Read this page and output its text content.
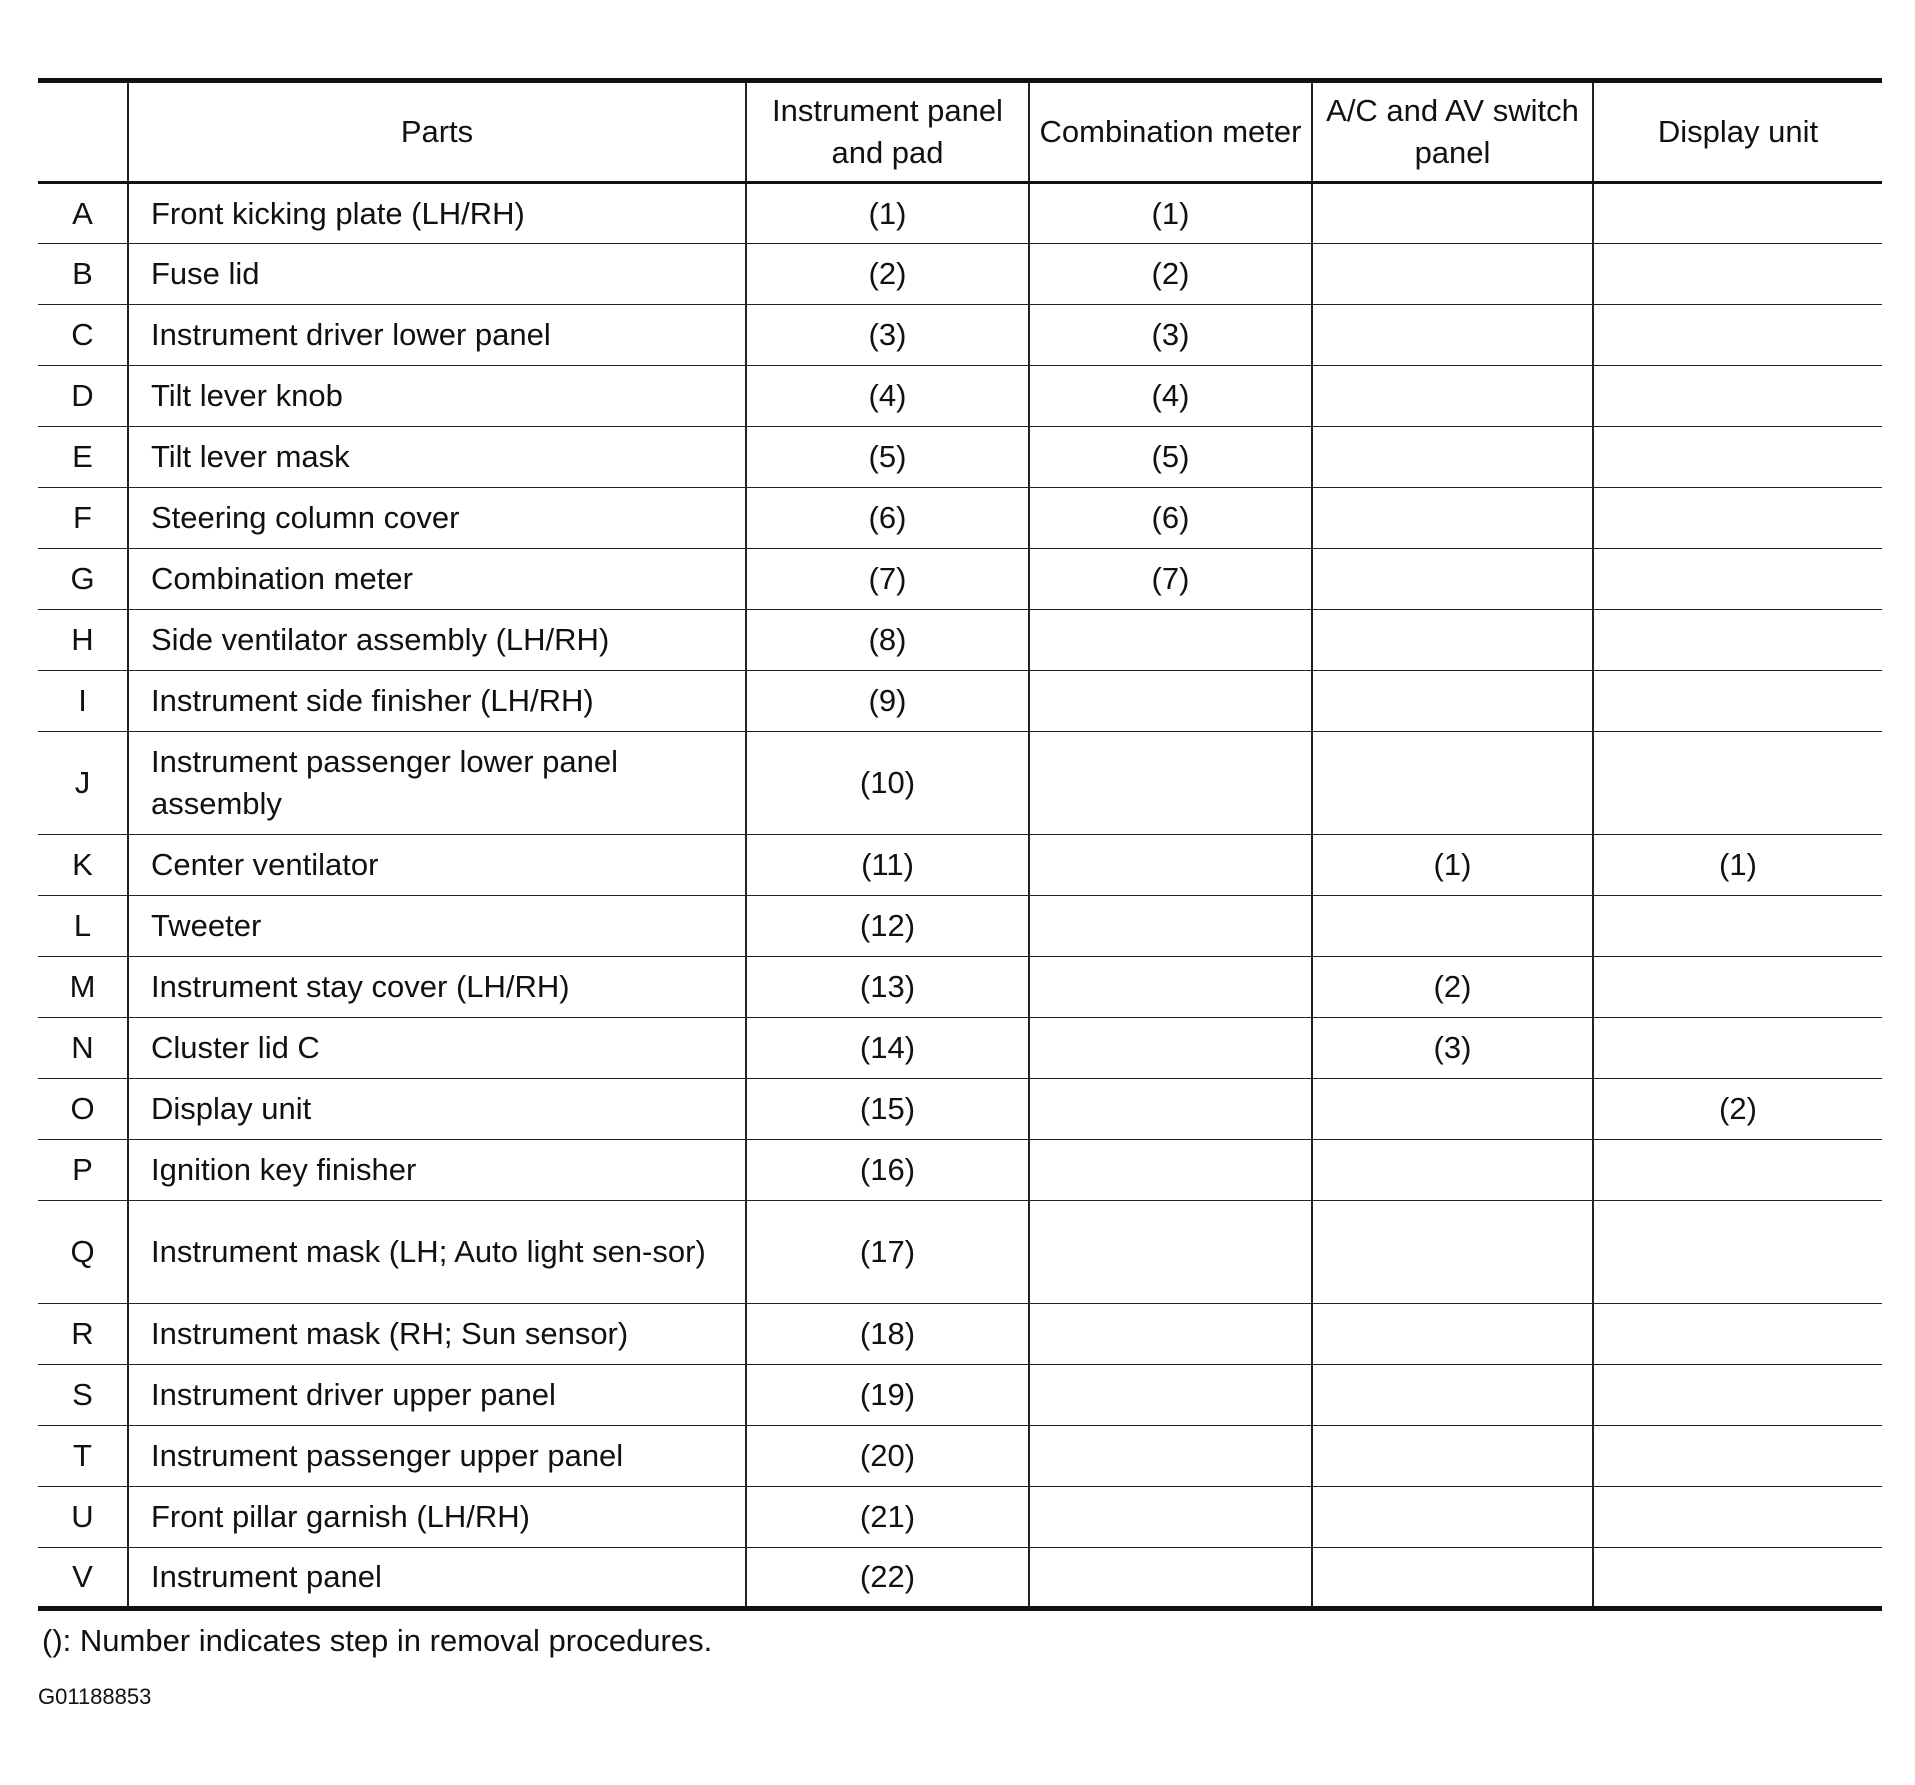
	Parts	Instrument panel and pad	Combination meter	A/C and AV switch panel	Display unit
A	Front kicking plate (LH/RH)	(1)	(1)		
B	Fuse lid	(2)	(2)		
C	Instrument driver lower panel	(3)	(3)		
D	Tilt lever knob	(4)	(4)		
E	Tilt lever mask	(5)	(5)		
F	Steering column cover	(6)	(6)		
G	Combination meter	(7)	(7)		
H	Side ventilator assembly (LH/RH)	(8)			
I	Instrument side finisher (LH/RH)	(9)			
J	Instrument passenger lower panel assembly	(10)			
K	Center ventilator	(11)		(1)	(1)
L	Tweeter	(12)			
M	Instrument stay cover (LH/RH)	(13)		(2)	
N	Cluster lid C	(14)		(3)	
O	Display unit	(15)			(2)
P	Ignition key finisher	(16)			
Q	Instrument mask (LH; Auto light sen-sor)	(17)			
R	Instrument mask (RH; Sun sensor)	(18)			
S	Instrument driver upper panel	(19)			
T	Instrument passenger upper panel	(20)			
U	Front pillar garnish (LH/RH)	(21)			
V	Instrument panel	(22)			
(): Number indicates step in removal procedures.
G01188853
